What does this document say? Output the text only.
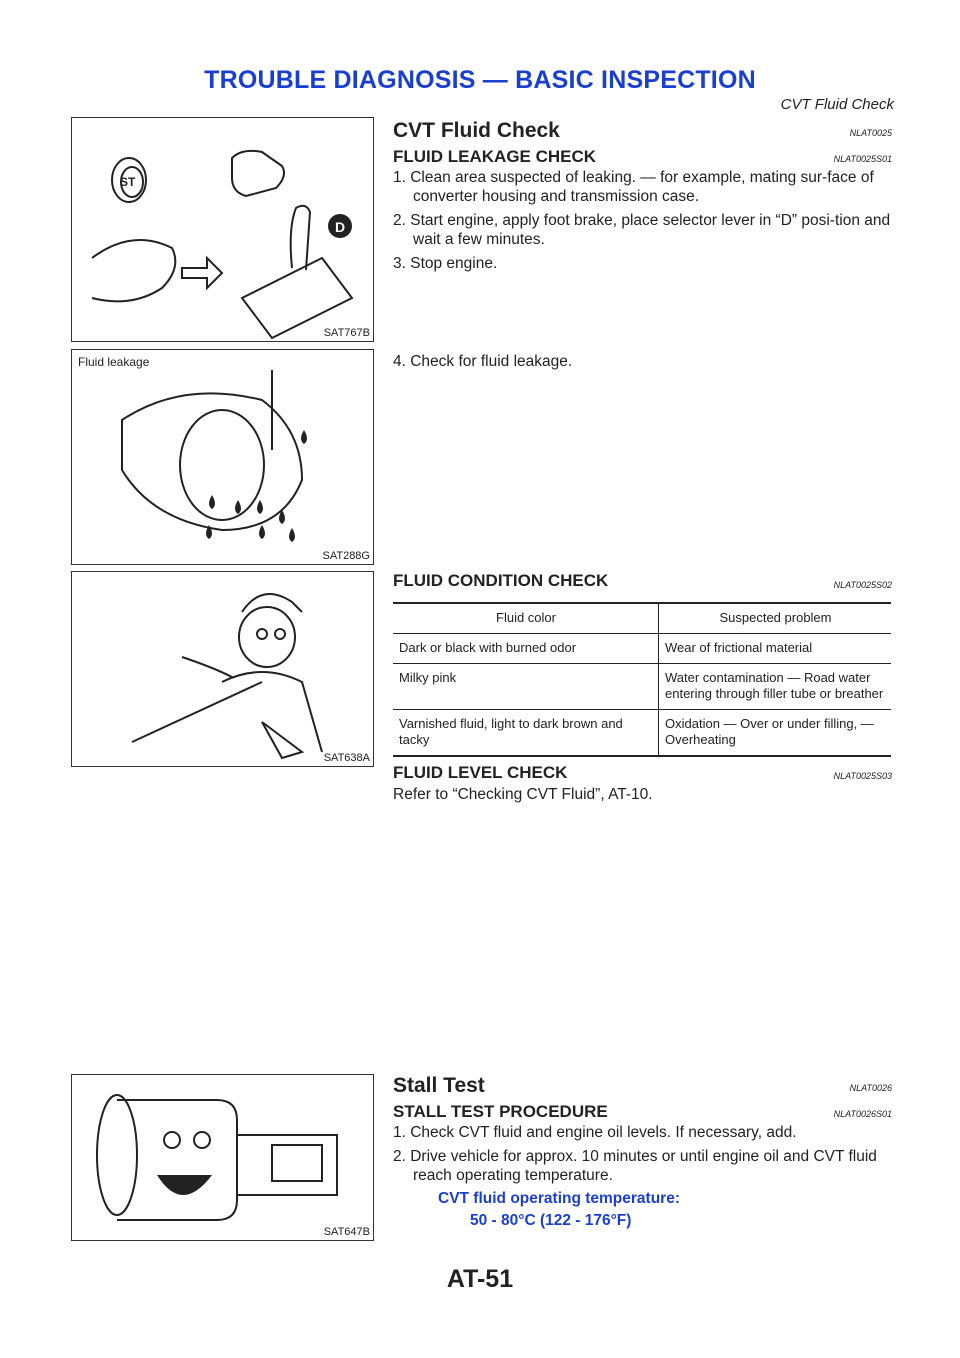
TROUBLE DIAGNOSIS — BASIC INSPECTION
CVT Fluid Check
D
ST
SAT767B
Fluid leakage
SAT288G
SAT638A
SAT647B
CVT Fluid Check	NLAT0025
FLUID LEAKAGE CHECK	NLAT0025S01
1. Clean area suspected of leaking. — for example, mating sur-face of converter housing and transmission case.
2. Start engine, apply foot brake, place selector lever in “D” posi-tion and wait a few minutes.
3. Stop engine.
4. Check for fluid leakage.
FLUID CONDITION CHECK	NLAT0025S02
Fluid color	Suspected problem
Dark or black with burned odor	Wear of frictional material
Milky pink	Water contamination — Road water entering through filler tube or breather
Varnished fluid, light to dark brown and tacky	Oxidation — Over or under filling, — Overheating
FLUID LEVEL CHECK	NLAT0025S03
Refer to “Checking CVT Fluid”, AT-10.
Stall Test	NLAT0026
STALL TEST PROCEDURE	NLAT0026S01
1. Check CVT fluid and engine oil levels. If necessary, add.
2. Drive vehicle for approx. 10 minutes or until engine oil and CVT fluid reach operating temperature.
CVT fluid operating temperature:
50 - 80°C (122 - 176°F)
AT-51
